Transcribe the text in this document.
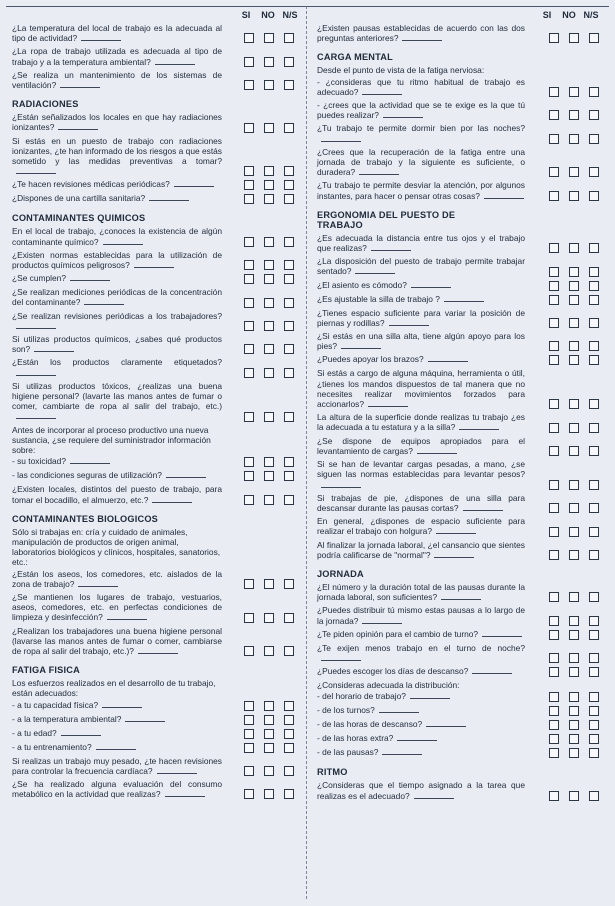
SI	NO N/S
¿La temperatura del local de trabajo es la adecuada al tipo de actividad?
¿La ropa de trabajo utilizada es adecuada al tipo de trabajo y a la temperatura ambiental?
¿Se realiza un mantenimiento de los sistemas de ventilación?
RADIACIONES
¿Están señalizados los locales en que hay radiaciones ionizantes?
Si estás en un puesto de trabajo con radiaciones ionizantes, ¿te han informado de los riesgos a que estás sometido y las medidas preventivas a tomar?
¿Te hacen revisiones médicas periódicas?
¿Dispones de una cartilla sanitaria?
CONTAMINANTES QUIMICOS
En el local de trabajo, ¿conoces la existencia de algún contaminante químico?
¿Existen normas establecidas para la utilización de productos químicos peligrosos?
¿Se cumplen?
¿Se realizan mediciones periódicas de la concentración del contaminante?
¿Se realizan revisiones periódicas a los trabajadores?
Si utilizas productos químicos, ¿sabes qué productos son?
¿Están los productos claramente etiquetados?
Si utilizas productos tóxicos, ¿realizas una buena higiene personal? (lavarte las manos antes de fumar o comer, cambiarte de ropa al salir del trabajo, etc.)
Antes de incorporar al proceso productivo una nueva sustancia, ¿se requiere del suministrador información sobre:
- su toxicidad?
- las condiciones seguras de utilización?
¿Existen locales, distintos del puesto de trabajo, para tomar el bocadillo, el almuerzo, etc.?
CONTAMINANTES BIOLOGICOS
Sólo si trabajas en: cría y cuidado de animales, manipulación de productos de origen animal, laboratorios biológicos y clínicos, hospitales, sanatorios, etc.:
¿Están los aseos, los comedores, etc. aislados de la zona de trabajo?
¿Se mantienen los lugares de trabajo, vestuarios, aseos, comedores, etc. en perfectas condiciones de limpieza y desinfección?
¿Realizan los trabajadores una buena higiene personal (lavarse las manos antes de fumar o comer, cambiarse de ropa al salir del trabajo, etc.)?
FATIGA FISICA
Los esfuerzos realizados en el desarrollo de tu trabajo, están adecuados:
- a tu capacidad física?
- a la temperatura ambiental?
- a tu edad?
- a tu entrenamiento?
Si realizas un trabajo muy pesado, ¿te hacen revisiones para controlar la frecuencia cardíaca?
¿Se ha realizado alguna evaluación del consumo metabólico en la actividad que realizas?
SI	NO N/S
¿Existen pausas establecidas de acuerdo con las dos preguntas anteriores?
CARGA MENTAL
Desde el punto de vista de la fatiga nerviosa:
- ¿consideras que tu ritmo habitual de trabajo es adecuado?
- ¿crees que la actividad que se te exige es la que tú puedes realizar?
¿Tu trabajo te permite dormir bien por las noches?
¿Crees que la recuperación de la fatiga entre una jornada de trabajo y la siguiente es suficiente, o duradera?
¿Tu trabajo te permite desviar la atención, por algunos instantes, para hacer o pensar otras cosas?
ERGONOMIA DEL PUESTO DE TRABAJO
¿Es adecuada la distancia entre tus ojos y el trabajo que realizas?
¿La disposición del puesto de trabajo permite trabajar sentado?
¿El asiento es cómodo?
¿Es ajustable la silla de trabajo ?
¿Tienes espacio suficiente para variar la posición de piernas y rodillas?
¿Si estás en una silla alta, tiene algún apoyo para los pies?
¿Puedes apoyar los brazos?
Si estás a cargo de alguna máquina, herramienta o útil, ¿tienes los mandos dispuestos de tal manera que no necesites realizar movimientos forzados para accionarlos?
La altura de la superficie donde realizas tu trabajo ¿es la adecuada a tu estatura y a la silla?
¿Se dispone de equipos apropiados para el levantamiento de cargas?
Si se han de levantar cargas pesadas, a mano, ¿se siguen las normas establecidas para levantar pesos?
Si trabajas de pie, ¿dispones de una silla para descansar durante las pausas cortas?
En general, ¿dispones de espacio suficiente para realizar el trabajo con holgura?
Al finalizar la jornada laboral, ¿el cansancio que sientes podría calificarse de "normal"?
JORNADA
¿El número y la duración total de las pausas durante la jornada laboral, son suficientes?
¿Puedes distribuir tú mismo estas pausas a lo largo de la jornada?
¿Te piden opinión para el cambio de turno?
¿Te exijen menos trabajo en el turno de noche?
¿Puedes escoger los días de descanso?
¿Consideras adecuada la distribución:
- del horario de trabajo?
- de los turnos?
- de las horas de descanso?
- de las horas extra?
- de las pausas?
RITMO
¿Consideras que el tiempo asignado a la tarea que realizas es el adecuado?
